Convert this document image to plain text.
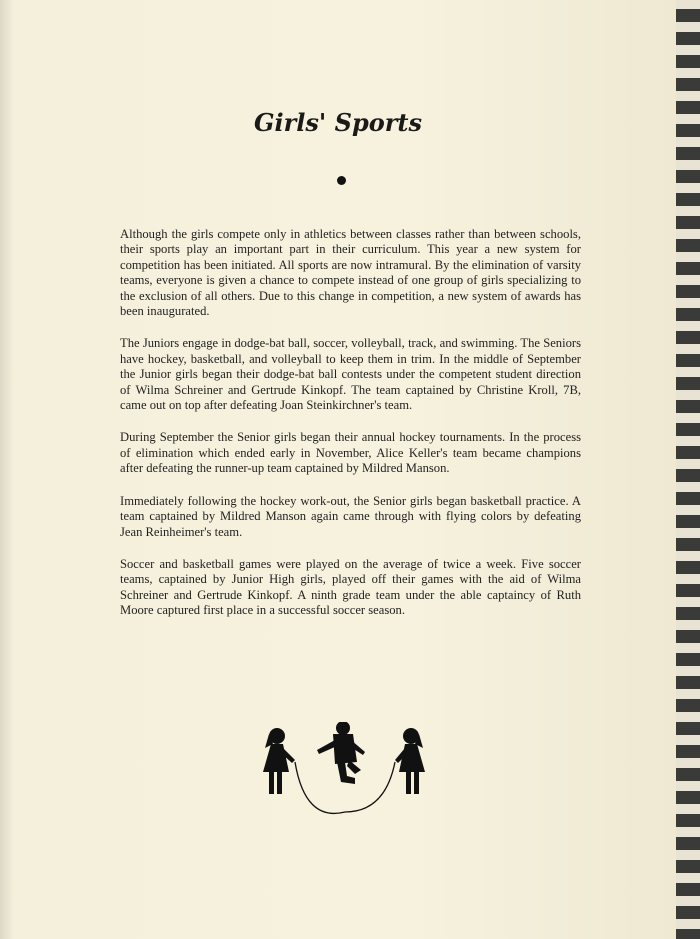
Girls' Sports

Although the girls compete only in athletics between classes rather than between schools, their sports play an important part in their curriculum. This year a new system for competition has been initiated. All sports are now intramural. By the elimination of varsity teams, everyone is given a chance to compete instead of one group of girls specializing to the exclusion of all others. Due to this change in competition, a new system of awards has been inaugurated.

The Juniors engage in dodge-bat ball, soccer, volleyball, track, and swimming. The Seniors have hockey, basketball, and volleyball to keep them in trim. In the middle of September the Junior girls began their dodge-bat ball contests under the competent student direction of Wilma Schreiner and Gertrude Kinkopf. The team captained by Christine Kroll, 7B, came out on top after defeating Joan Steinkirchner's team.

During September the Senior girls began their annual hockey tournaments. In the process of elimination which ended early in November, Alice Keller's team became champions after defeating the runner-up team captained by Mildred Manson.

Immediately following the hockey work-out, the Senior girls began basketball practice. A team captained by Mildred Manson again came through with flying colors by defeating Jean Reinheimer's team.

Soccer and basketball games were played on the average of twice a week. Five soccer teams, captained by Junior High girls, played off their games with the aid of Wilma Schreiner and Gertrude Kinkopf. A ninth grade team under the able captaincy of Ruth Moore captured first place in a successful soccer season.
